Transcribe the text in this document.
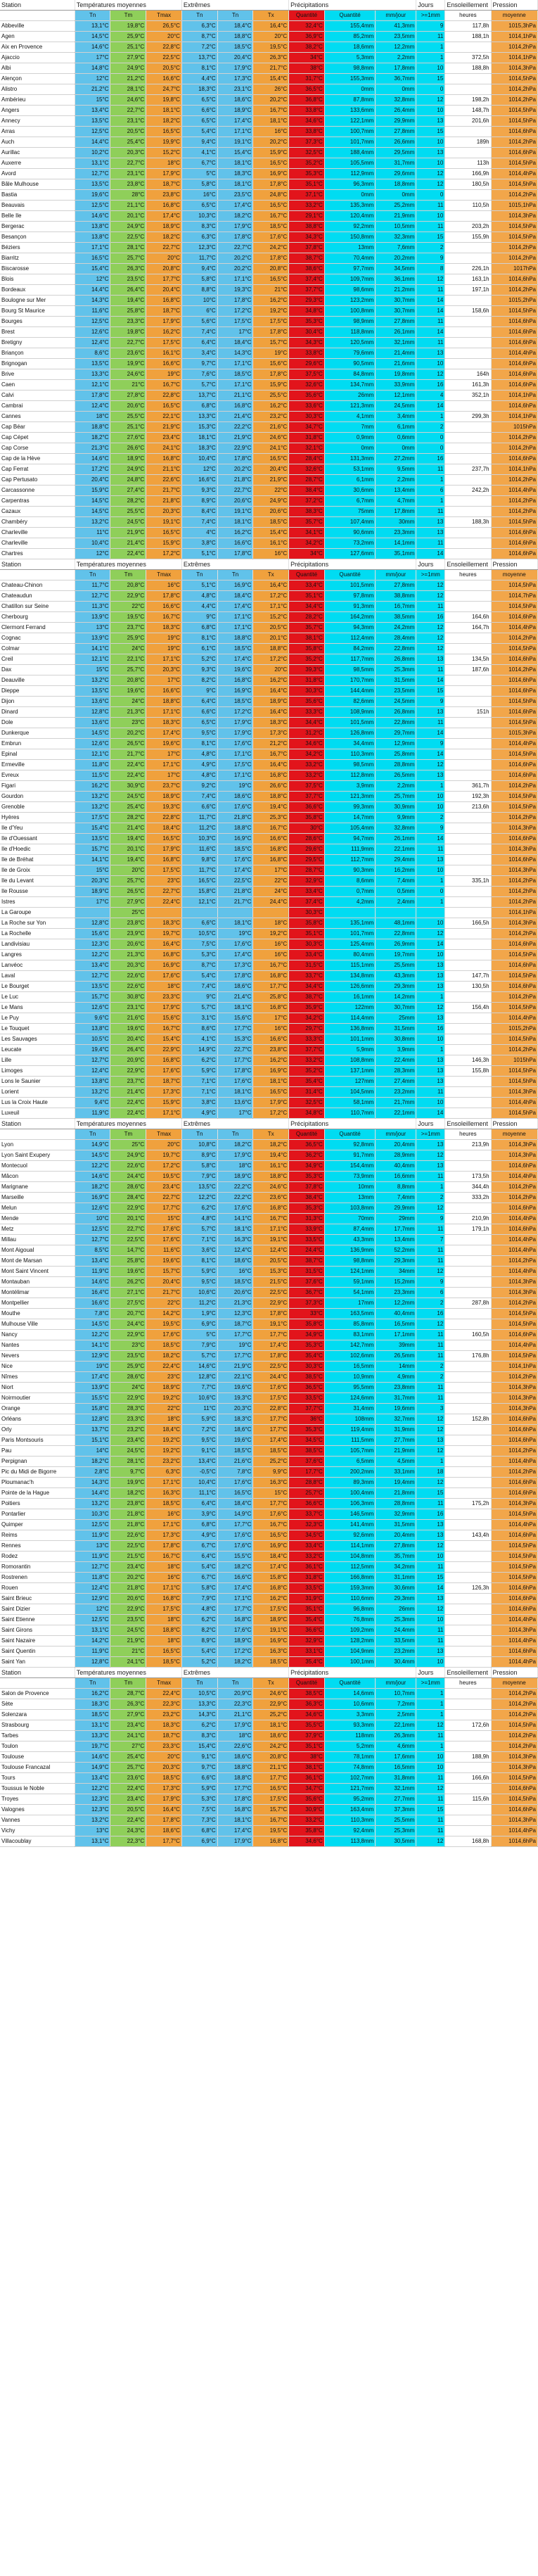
Station	Températures moyennes			Extrêmes			Précipitations			Jours	Ensoleillement	Pression
	Tn	Tm	Tmax	Tn	Tn	Tx	Quantité	Quantité	mm/jour	>=1mm	heures	moyenne
Abbeville	13,1°C	19,8°C	26,5°C	6,3°C	18,4°C	16,4°C	32,4°C	155,4mm	41,3mm	9	117,8h	1015,3hPa
Agen	14,5°C	25,9°C	20°C	8,7°C	18,8°C	20°C	36,9°C	85,2mm	23,5mm	11	188,1h	1014,1hPa
Aix en Provence	14,6°C	25,1°C	22,8°C	7,2°C	18,5°C	19,5°C	38,2°C	18,6mm	12,2mm	1		1014,2hPa
Ajaccio	17°C	27,9°C	22,5°C	13,7°C	20,4°C	26,3°C	34°C	5,3mm	2,2mm	1	372,5h	1014,1hPa
Albi	14,8°C	24,9°C	20,5°C	8,1°C	17,9°C	21,7°C	38°C	98,8mm	17,8mm	10	188,8h	1014,3hPa
Alençon	12°C	21,2°C	16,6°C	4,4°C	17,3°C	15,4°C	31,7°C	155,3mm	36,7mm	15		1014,5hPa
Alistro	21,2°C	28,1°C	24,7°C	18,3°C	23,1°C	26°C	36,5°C	0mm	0mm	0		1014,2hPa
Ambérieu	15°C	24,6°C	19,8°C	6,5°C	18,6°C	20,2°C	36,8°C	87,8mm	32,8mm	12	198,2h	1014,2hPa
Angers	13,4°C	22,7°C	18,1°C	6,6°C	18,9°C	16,7°C	33,8°C	133,6mm	26,4mm	10	148,7h	1014,5hPa
Annecy	13,5°C	23,1°C	18,2°C	6,5°C	17,4°C	18,1°C	34,6°C	122,1mm	29,9mm	13	201,6h	1014,5hPa
Arras	12,5°C	20,5°C	16,5°C	5,4°C	17,1°C	16°C	33,8°C	100,7mm	27,8mm	15		1014,6hPa
Auch	14,4°C	25,4°C	19,9°C	9,4°C	19,1°C	20,2°C	37,3°C	101,7mm	26,6mm	10	189h	1014,2hPa
Aurillac	10,2°C	20,3°C	15,2°C	4,1°C	15,4°C	15,9°C	32,5°C	188,4mm	29,5mm	13		1014,6hPa
Auxerre	13,1°C	22,7°C	18°C	6,7°C	18,1°C	16,5°C	35,2°C	105,5mm	31,7mm	10	113h	1014,5hPa
Avord	12,7°C	23,1°C	17,9°C	5°C	18,3°C	16,9°C	35,3°C	112,9mm	29,6mm	12	166,9h	1014,4hPa
Bâle Mulhouse	13,5°C	23,8°C	18,7°C	5,8°C	18,1°C	17,8°C	35,1°C	96,3mm	18,8mm	12	180,5h	1014,5hPa
Bastia	19,6°C	28°C	23,8°C	16°C	23,5°C	24,8°C	37,1°C	0mm	0mm	0		1014,2hPa
Beauvais	12,5°C	21,1°C	16,8°C	6,5°C	17,4°C	16,5°C	33,2°C	135,3mm	25,2mm	11	110,5h	1015,1hPa
Belle Ile	14,6°C	20,1°C	17,4°C	10,3°C	18,2°C	16,7°C	29,1°C	120,4mm	21,9mm	10		1014,3hPa
Bergerac	13,8°C	24,9°C	18,9°C	8,3°C	17,9°C	18,5°C	38,8°C	92,2mm	10,5mm	11	203,2h	1014,5hPa
Besançon	13,8°C	22,5°C	18,2°C	6,3°C	17,8°C	17,6°C	34,3°C	150,8mm	32,3mm	15	155,9h	1014,5hPa
Béziers	17,1°C	28,1°C	22,7°C	12,3°C	22,7°C	24,2°C	37,8°C	13mm	7,6mm	2		1014,2hPa
Biarritz	16,5°C	25,7°C	20°C	11,7°C	20,2°C	17,8°C	38,7°C	70,4mm	20,2mm	9		1014,2hPa
Biscarosse	15,4°C	26,3°C	20,8°C	9,4°C	20,2°C	20,8°C	38,6°C	97,7mm	34,5mm	8	226,1h	1017hPa
Blois	12°C	23,5°C	17,7°C	5,8°C	17,1°C	16,5°C	37,4°C	109,7mm	36,1mm	12	163,1h	1014,6hPa
Bordeaux	14,4°C	26,4°C	20,4°C	8,8°C	19,3°C	21°C	37,7°C	98,6mm	21,2mm	11	197,1h	1014,2hPa
Boulogne sur Mer	14,3°C	19,4°C	16,8°C	10°C	17,8°C	16,2°C	29,3°C	123,2mm	30,7mm	14		1015,2hPa
Bourg St Maurice	11,6°C	25,8°C	18,7°C	6°C	17,2°C	19,2°C	34,8°C	100,8mm	30,7mm	14	158,6h	1014,5hPa
Bourges	12,5°C	23,3°C	17,9°C	5,6°C	17,5°C	17,5°C	35,3°C	98,9mm	27,8mm	11		1014,6hPa
Brest	12,6°C	19,8°C	16,2°C	7,4°C	17°C	17,8°C	30,4°C	118,8mm	26,1mm	14		1014,6hPa
Bretigny	12,4°C	22,7°C	17,5°C	6,4°C	18,4°C	15,7°C	34,3°C	120,5mm	32,1mm	11		1014,6hPa
Briançon	8,6°C	23,6°C	16,1°C	3,4°C	14,3°C	19°C	33,8°C	79,6mm	21,4mm	13		1014,4hPa
Brignogan	13,5°C	19,9°C	16,6°C	9,7°C	17,1°C	15,6°C	29,6°C	90,5mm	21,6mm	10		1014,6hPa
Brive	13,3°C	24,6°C	19°C	7,6°C	18,5°C	17,8°C	37,5°C	84,8mm	19,8mm	12	164h	1014,6hPa
Caen	12,1°C	21°C	16,7°C	5,7°C	17,1°C	15,9°C	32,6°C	134,7mm	33,9mm	16	161,3h	1014,6hPa
Calvi	17,8°C	27,8°C	22,8°C	13,7°C	21,1°C	25,5°C	35,6°C	26mm	12,1mm	4	352,1h	1014,1hPa
Cambrai	12,4°C	20,6°C	16,5°C	6,8°C	16,8°C	16,2°C	33,6°C	121,3mm	24,5mm	14		1014,6hPa
Cannes	18°C	25,5°C	22,1°C	13,3°C	21,4°C	23,2°C	30,3°C	4,1mm	3,4mm	1	299,3h	1014,1hPa
Cap Béar	18,8°C	25,1°C	21,9°C	15,3°C	22,2°C	21,6°C	34,7°C	7mm	6,1mm	2		1015hPa
Cap Cépet	18,2°C	27,6°C	23,4°C	18,1°C	21,9°C	24,6°C	31,8°C	0,9mm	0,6mm	0		1014,2hPa
Cap Corse	21,3°C	26,6°C	24,1°C	18,3°C	22,9°C	24,1°C	32,1°C	0mm	0mm	0		1014,2hPa
Cap de la Hève	14,6°C	18,9°C	16,8°C	10,4°C	17,8°C	16,5°C	28,4°C	131,3mm	27,2mm	16		1014,6hPa
Cap Ferrat	17,2°C	24,9°C	21,1°C	12°C	20,2°C	20,4°C	32,6°C	53,1mm	9,5mm	11	237,7h	1014,1hPa
Cap Pertusato	20,4°C	24,8°C	22,6°C	16,6°C	21,8°C	21,9°C	28,7°C	6,1mm	2,2mm	1		1014,2hPa
Carcassonne	15,9°C	27,4°C	21,7°C	9,3°C	22,7°C	22°C	38,4°C	30,6mm	13,4mm	6	242,2h	1014,4hPa
Carpentras	14,5°C	28,2°C	21,8°C	8,9°C	20,6°C	24,9°C	37,2°C	6,7mm	4,7mm	1		1014,2hPa
Cazaux	14,5°C	25,5°C	20,3°C	8,4°C	19,1°C	20,6°C	38,3°C	75mm	17,8mm	11		1014,2hPa
Chambéry	13,2°C	24,5°C	19,1°C	7,4°C	18,1°C	18,5°C	35,7°C	107,4mm	30mm	13	188,3h	1014,5hPa
Charleville	11°C	21,9°C	16,5°C	4°C	16,2°C	15,4°C	34,1°C	90,6mm	23,3mm	13		1014,6hPa
Charleville	10,4°C	21,4°C	15,9°C	3,8°C	16,6°C	16,1°C	34,2°C	73,2mm	14,1mm	11		1014,6hPa
Chartres	12°C	22,4°C	17,2°C	5,1°C	17,8°C	16°C	34°C	127,6mm	35,1mm	14		1014,6hPa
Station	Températures moyennes			Extrêmes			Précipitations			Jours	Ensoleillement	Pression
	Tn	Tm	Tmax	Tn	Tn	Tx	Quantité	Quantité	mm/jour	>=1mm	heures	moyenne
Chateau-Chinon	11,7°C	20,8°C	16°C	5,1°C	16,9°C	16,4°C	33,4°C	101,5mm	27,8mm	12		1014,5hPa
Chateaudun	12,7°C	22,9°C	17,8°C	4,8°C	18,4°C	17,2°C	35,1°C	97,8mm	38,8mm	12		1014,7hPa
Chatillon sur Seine	11,3°C	22°C	16,6°C	4,4°C	17,4°C	17,1°C	34,4°C	91,3mm	16,7mm	11		1014,5hPa
Cherbourg	13,9°C	19,5°C	16,7°C	9°C	17,1°C	15,2°C	28,2°C	164,2mm	38,5mm	16	164,6h	1014,6hPa
Clermont Ferrand	13°C	23,7°C	18,3°C	6,8°C	17,1°C	20,5°C	35,7°C	94,3mm	24,2mm	12	164,7h	1014,4hPa
Cognac	13,9°C	25,9°C	19°C	8,1°C	18,8°C	20,1°C	38,1°C	112,4mm	28,4mm	12		1014,2hPa
Colmar	14,1°C	24°C	19°C	6,1°C	18,5°C	18,8°C	35,8°C	84,2mm	22,8mm	12		1014,5hPa
Creil	12,1°C	22,1°C	17,1°C	5,2°C	17,4°C	17,2°C	35,2°C	117,7mm	26,8mm	13	134,5h	1014,6hPa
Dax	15°C	25,7°C	20,3°C	9,3°C	19,6°C	20°C	39,3°C	98,5mm	25,3mm	11	187,6h	1014,2hPa
Deauville	13,2°C	20,8°C	17°C	8,2°C	16,8°C	16,2°C	31,8°C	170,7mm	31,5mm	14		1014,6hPa
Dieppe	13,5°C	19,6°C	16,6°C	9°C	16,9°C	16,4°C	30,3°C	144,4mm	23,5mm	15		1014,6hPa
Dijon	13,6°C	24°C	18,8°C	6,4°C	18,5°C	18,9°C	35,6°C	82,6mm	24,5mm	9		1014,5hPa
Dinard	12,8°C	21,3°C	17,1°C	6,6°C	17,2°C	16,4°C	33,3°C	108,9mm	26,8mm	13	151h	1014,6hPa
Dole	13,6°C	23°C	18,3°C	6,5°C	17,9°C	18,3°C	34,4°C	101,5mm	22,8mm	11		1014,5hPa
Dunkerque	14,5°C	20,2°C	17,4°C	9,5°C	17,9°C	17,3°C	31,2°C	126,8mm	29,7mm	14		1015,3hPa
Embrun	12,6°C	26,5°C	19,6°C	8,1°C	17,6°C	21,2°C	34,6°C	34,4mm	12,9mm	9		1014,4hPa
Epinal	12,1°C	21,7°C	17°C	4,8°C	17,1°C	16,7°C	34,2°C	110,3mm	25,8mm	14		1014,5hPa
Ermeville	11,8°C	22,4°C	17,1°C	4,9°C	17,5°C	16,4°C	33,2°C	98,5mm	28,8mm	12		1014,6hPa
Evreux	11,5°C	22,4°C	17°C	4,8°C	17,1°C	16,8°C	33,2°C	112,8mm	26,5mm	13		1014,6hPa
Figari	16,2°C	30,9°C	23,7°C	9,2°C	19°C	26,6°C	37,5°C	3,9mm	2,2mm	1	361,7h	1014,2hPa
Gourdon	13,2°C	24,5°C	18,9°C	7,4°C	18,6°C	18,8°C	37,7°C	121,3mm	25,7mm	10	192,3h	1014,5hPa
Grenoble	13,2°C	25,4°C	19,3°C	6,6°C	17,6°C	19,4°C	36,6°C	99,3mm	30,9mm	10	213,6h	1014,5hPa
Hyères	17,5°C	28,2°C	22,8°C	11,7°C	21,8°C	25,3°C	35,8°C	14,7mm	9,9mm	2		1014,2hPa
Ile d'Yeu	15,4°C	21,4°C	18,4°C	11,2°C	18,8°C	16,7°C	30°C	105,4mm	32,8mm	9		1014,3hPa
Ile d'Ouessant	13,5°C	19,4°C	16,5°C	10,3°C	16,9°C	16,6°C	28,6°C	94,7mm	26,1mm	14		1014,6hPa
Ile d'Hoedic	15,7°C	20,1°C	17,9°C	11,6°C	18,5°C	16,8°C	29,6°C	111,9mm	22,1mm	11		1014,3hPa
Ile de Bréhat	14,1°C	19,4°C	16,8°C	9,8°C	17,6°C	16,8°C	29,5°C	112,7mm	29,4mm	13		1014,6hPa
Ile de Groix	15°C	20°C	17,5°C	11,7°C	17,4°C	17°C	28,7°C	90,3mm	16,2mm	10		1014,3hPa
Ile du Levant	20,3°C	25,7°C	23°C	16,5°C	22,5°C	22°C	32,9°C	8,6mm	7,4mm	1	335,1h	1014,2hPa
Ile Rousse	18,9°C	26,5°C	22,7°C	15,8°C	21,8°C	24°C	33,4°C	0,7mm	0,5mm	0		1014,2hPa
Istres	17°C	27,9°C	22,4°C	12,1°C	21,7°C	24,4°C	37,4°C	4,2mm	2,4mm	1		1014,2hPa
La Garoupe		25°C					30,3°C					1014,1hPa
La Roche sur Yon	12,8°C	23,8°C	18,3°C	6,6°C	18,1°C	18°C	35,8°C	135,1mm	48,1mm	10	166,5h	1014,3hPa
La Rochelle	15,6°C	23,9°C	19,7°C	10,5°C	19°C	19,2°C	35,1°C	101,7mm	22,8mm	12		1014,2hPa
Landivisiau	12,3°C	20,6°C	16,4°C	7,5°C	17,6°C	16°C	30,3°C	125,4mm	26,9mm	14		1014,6hPa
Langres	12,2°C	21,3°C	16,8°C	5,3°C	17,4°C	16°C	33,4°C	80,4mm	19,7mm	10		1014,5hPa
Lanvéoc	13,4°C	20,3°C	16,9°C	8,7°C	17,3°C	16,7°C	31,5°C	115,1mm	25,5mm	13		1014,6hPa
Laval	12,7°C	22,6°C	17,6°C	5,4°C	17,8°C	16,8°C	33,7°C	134,8mm	43,3mm	13	147,7h	1014,5hPa
Le Bourget	13,5°C	22,6°C	18°C	7,4°C	18,6°C	17,7°C	34,4°C	126,6mm	29,3mm	13	130,5h	1014,6hPa
Le Luc	15,7°C	30,8°C	23,3°C	9°C	21,4°C	25,8°C	38,7°C	16,1mm	14,2mm	1		1014,2hPa
Le Mans	12,6°C	23,1°C	17,9°C	5,7°C	18,1°C	16,8°C	35,9°C	122mm	30,7mm	12	156,4h	1014,5hPa
Le Puy	9,6°C	21,6°C	15,6°C	3,1°C	15,6°C	17°C	34,2°C	114,4mm	25mm	13		1014,4hPa
Le Touquet	13,8°C	19,6°C	16,7°C	8,6°C	17,7°C	16°C	29,7°C	136,8mm	31,5mm	16		1015,2hPa
Les Sauvages	10,5°C	20,4°C	15,4°C	4,1°C	15,3°C	16,6°C	33,3°C	101,1mm	30,8mm	10		1014,5hPa
Leucate	19,4°C	26,4°C	22,9°C	14,9°C	22,7°C	23,8°C	37,7°C	5,9mm	3,9mm	1		1014,2hPa
Lille	12,7°C	20,9°C	16,8°C	6,2°C	17,7°C	16,2°C	33,2°C	108,8mm	22,4mm	13	146,3h	1015hPa
Limoges	12,4°C	22,9°C	17,6°C	5,9°C	17,8°C	16,9°C	35,2°C	137,1mm	28,3mm	13	155,8h	1014,5hPa
Lons le Saunier	13,8°C	23,7°C	18,7°C	7,1°C	17,6°C	18,1°C	35,4°C	127mm	27,4mm	13		1014,5hPa
Lorient	13,2°C	21,4°C	17,3°C	7,1°C	18,1°C	16,5°C	31,4°C	104,5mm	23,2mm	11		1014,3hPa
Lus la Croix Haute	9,4°C	22,4°C	15,9°C	3,8°C	13,6°C	17,9°C	32,5°C	58,1mm	21,7mm	10		1014,4hPa
Luxeuil	11,9°C	22,4°C	17,1°C	4,9°C	17°C	17,2°C	34,8°C	110,7mm	22,1mm	14		1014,5hPa
Station	Températures moyennes			Extrêmes			Précipitations			Jours	Ensoleillement	Pression
	Tn	Tm	Tmax	Tn	Tn	Tx	Quantité	Quantité	mm/jour	>=1mm	heures	moyenne
Lyon	14,9°C	25°C	20°C	10,8°C	18,2°C	18,2°C	36,5°C	92,8mm	20,4mm	13	213,9h	1014,3hPa
Lyon Saint Exupery	14,5°C	24,9°C	19,7°C	8,9°C	17,9°C	19,4°C	36,2°C	91,7mm	28,9mm	12		1014,3hPa
Montecuol	12,2°C	22,6°C	17,2°C	5,8°C	18°C	16,1°C	34,9°C	154,4mm	40,4mm	13		1014,6hPa
Mâcon	14,6°C	24,4°C	19,5°C	7,9°C	18,9°C	18,8°C	35,3°C	73,9mm	16,6mm	11	173,5h	1014,4hPa
Marignane	18,2°C	28,6°C	23,4°C	13,5°C	22,2°C	24,6°C	37,8°C	10mm	8,8mm	1	344,4h	1014,2hPa
Marseille	16,9°C	28,4°C	22,7°C	12,2°C	22,2°C	23,6°C	38,4°C	13mm	7,4mm	2	333,2h	1014,2hPa
Melun	12,6°C	22,9°C	17,7°C	6,2°C	17,6°C	16,8°C	35,3°C	103,8mm	29,9mm	12		1014,6hPa
Mende	10°C	20,1°C	15°C	4,8°C	14,1°C	16,7°C	31,3°C	70mm	29mm	9	210,9h	1014,4hPa
Metz	12,5°C	22,7°C	17,6°C	5,7°C	18,1°C	17,1°C	33,9°C	87,4mm	17,7mm	11	179,1h	1014,6hPa
Millau	12,7°C	22,5°C	17,6°C	7,1°C	16,3°C	19,1°C	33,5°C	43,3mm	13,4mm	7		1014,4hPa
Mont Aigoual	8,5°C	14,7°C	11,6°C	3,6°C	12,4°C	12,4°C	24,4°C	136,9mm	52,2mm	11		1014,4hPa
Mont de Marsan	13,4°C	25,8°C	19,6°C	8,1°C	18,6°C	20,5°C	38,7°C	98,8mm	29,3mm	11		1014,2hPa
Mont Saint Vincent	11,9°C	19,6°C	15,7°C	5,9°C	16°C	15,3°C	31,5°C	124,1mm	34mm	12		1014,4hPa
Montauban	14,6°C	26,2°C	20,4°C	9,5°C	18,5°C	21,5°C	37,6°C	59,1mm	15,2mm	9		1014,3hPa
Montélimar	16,4°C	27,1°C	21,7°C	10,6°C	20,6°C	22,5°C	36,7°C	54,1mm	23,3mm	6		1014,3hPa
Montpellier	16,6°C	27,5°C	22°C	11,2°C	21,3°C	22,9°C	37,3°C	17mm	12,2mm	2	287,8h	1014,2hPa
Mouthe	7,8°C	20,7°C	14,2°C	1,9°C	12,3°C	17,8°C	33°C	163,5mm	40,4mm	16		1014,5hPa
Mulhouse Ville	14,5°C	24,4°C	19,5°C	6,9°C	18,7°C	19,1°C	35,8°C	85,8mm	16,5mm	12		1014,5hPa
Nancy	12,2°C	22,9°C	17,6°C	5°C	17,7°C	17,7°C	34,9°C	83,1mm	17,1mm	11	160,5h	1014,6hPa
Nantes	14,1°C	23°C	18,5°C	7,9°C	19°C	17,4°C	35,3°C	142,7mm	39mm	11		1014,4hPa
Nevers	12,9°C	23,5°C	18,2°C	5,7°C	17,7°C	17,8°C	35,4°C	102,6mm	26,5mm	11	176,8h	1014,5hPa
Nice	19°C	25,9°C	22,4°C	14,6°C	21,9°C	22,5°C	30,3°C	16,5mm	14mm	2		1014,1hPa
Nîmes	17,4°C	28,6°C	23°C	12,8°C	22,1°C	24,4°C	38,5°C	10,9mm	4,9mm	2		1014,2hPa
Niort	13,9°C	24°C	18,9°C	7,7°C	19,6°C	17,6°C	36,5°C	95,5mm	23,8mm	11		1014,3hPa
Noirmoutier	15,5°C	22,9°C	19,2°C	10,6°C	19,3°C	17,5°C	33,5°C	124,6mm	31,7mm	11		1014,3hPa
Orange	15,8°C	28,3°C	22°C	11°C	20,3°C	22,8°C	37,7°C	31,4mm	19,6mm	3		1014,3hPa
Orléans	12,8°C	23,3°C	18°C	5,9°C	18,3°C	17,7°C	36°C	108mm	32,7mm	12	152,8h	1014,6hPa
Orly	13,7°C	23,2°C	18,4°C	7,2°C	18,6°C	17,7°C	35,3°C	119,4mm	31,9mm	12		1014,6hPa
Paris Montsouris	15,1°C	23,4°C	19,2°C	9,5°C	19,6°C	17,4°C	34,5°C	111,5mm	27,7mm	13		1014,6hPa
Pau	14°C	24,5°C	19,2°C	9,1°C	18,5°C	18,5°C	38,5°C	105,7mm	21,9mm	12		1014,2hPa
Perpignan	18,2°C	28,1°C	23,2°C	13,4°C	21,6°C	25,2°C	37,6°C	6,5mm	4,5mm	1		1014,4hPa
Pic du Midi de Bigorre	2,8°C	9,7°C	6,3°C	-0,5°C	7,8°C	9,9°C	17,7°C	200,2mm	33,1mm	18		1014,2hPa
Ploumanac'h	14,3°C	19,9°C	17,1°C	10,4°C	17,6°C	16,3°C	28,8°C	89,3mm	19,4mm	12		1014,6hPa
Pointe de la Hague	14,4°C	18,2°C	16,3°C	11,1°C	16,5°C	15°C	25,7°C	100,4mm	21,8mm	15		1014,6hPa
Poitiers	13,2°C	23,8°C	18,5°C	6,4°C	18,4°C	17,7°C	36,6°C	106,3mm	28,8mm	11	175,2h	1014,3hPa
Pontarlier	10,3°C	21,8°C	16°C	3,9°C	14,9°C	17,6°C	33,7°C	146,5mm	32,9mm	16		1014,5hPa
Quimper	12,5°C	21,8°C	17,1°C	6,8°C	17,7°C	16,7°C	32,3°C	141,4mm	31,5mm	13		1014,4hPa
Reims	11,9°C	22,6°C	17,3°C	4,9°C	17,6°C	16,5°C	34,5°C	92,6mm	20,4mm	13	143,4h	1014,6hPa
Rennes	13°C	22,5°C	17,8°C	6,7°C	17,6°C	16,9°C	33,4°C	114,1mm	27,8mm	12		1014,5hPa
Rodez	11,9°C	21,5°C	16,7°C	6,4°C	15,5°C	18,4°C	33,2°C	104,8mm	35,7mm	10		1014,5hPa
Romorantin	12,7°C	23,4°C	18°C	5,4°C	18,2°C	17,4°C	36,1°C	112,5mm	34,2mm	11		1014,5hPa
Rostrenen	11,8°C	20,2°C	16°C	6,7°C	16,6°C	15,8°C	31,8°C	166,8mm	31,1mm	15		1014,5hPa
Rouen	12,4°C	21,8°C	17,1°C	5,8°C	17,4°C	16,8°C	33,5°C	159,3mm	30,6mm	14	126,3h	1014,6hPa
Saint Brieuc	12,9°C	20,6°C	16,8°C	7,9°C	17,1°C	16,2°C	31,9°C	110,6mm	29,3mm	13		1014,6hPa
Saint Dizier	12°C	22,9°C	17,5°C	4,8°C	17,7°C	17,5°C	35,1°C	96,8mm	26mm	12		1014,6hPa
Saint Etienne	12,5°C	23,5°C	18°C	6,2°C	16,8°C	18,9°C	35,4°C	76,8mm	25,3mm	10		1014,4hPa
Saint Girons	13,1°C	24,5°C	18,8°C	8,2°C	17,6°C	19,1°C	36,6°C	109,2mm	24,4mm	11		1014,3hPa
Saint Nazaire	14,2°C	21,9°C	18°C	8,9°C	18,9°C	16,9°C	32,9°C	128,2mm	33,5mm	11		1014,4hPa
Saint Quentin	11,9°C	21°C	16,5°C	5,4°C	17,2°C	16,3°C	33,1°C	104,9mm	23,2mm	13		1014,6hPa
Saint Yan	12,8°C	24,1°C	18,5°C	5,2°C	18,2°C	18,5°C	35,4°C	100,1mm	30,4mm	10		1014,4hPa
Station	Températures moyennes			Extrêmes			Précipitations			Jours	Ensoleillement	Pression
	Tn	Tm	Tmax	Tn	Tn	Tx	Quantité	Quantité	mm/jour	>=1mm	heures	moyenne
Salon de Provence	16,2°C	28,7°C	22,4°C	10,5°C	20,9°C	24,6°C	38,5°C	14,6mm	10,7mm	1		1014,2hPa
Sète	18,3°C	26,3°C	22,3°C	13,3°C	22,3°C	22,9°C	36,3°C	10,6mm	7,2mm	1		1014,2hPa
Solenzara	18,5°C	27,9°C	23,2°C	14,3°C	21,1°C	25,2°C	34,6°C	3,3mm	2,5mm	1		1014,2hPa
Strasbourg	13,1°C	23,4°C	18,3°C	6,2°C	17,9°C	18,1°C	35,5°C	93,3mm	22,1mm	12	172,6h	1014,5hPa
Tarbes	13,3°C	24,1°C	18,7°C	8,3°C	18°C	18,6°C	37,9°C	118mm	26,3mm	11		1014,2hPa
Toulon	19,7°C	27°C	23,3°C	15,4°C	22,6°C	24,2°C	35,1°C	5,2mm	4,6mm	1		1014,2hPa
Toulouse	14,6°C	25,4°C	20°C	9,1°C	18,6°C	20,8°C	38°C	78,1mm	17,6mm	10	188,9h	1014,3hPa
Toulouse Francazal	14,9°C	25,7°C	20,3°C	9,7°C	18,8°C	21,1°C	38,1°C	74,8mm	16,5mm	10		1014,3hPa
Tours	13,4°C	23,6°C	18,5°C	6,6°C	18,8°C	17,7°C	36,1°C	102,7mm	31,8mm	11	166,6h	1014,5hPa
Toussus le Noble	12,2°C	22,4°C	17,3°C	5,9°C	17,7°C	16,5°C	34,7°C	121,7mm	32,1mm	12		1014,6hPa
Troyes	12,3°C	23,4°C	17,9°C	5,3°C	17,8°C	17,5°C	35,6°C	95,2mm	27,7mm	11	115,6h	1014,5hPa
Valognes	12,3°C	20,5°C	16,4°C	7,5°C	16,8°C	15,7°C	30,9°C	163,4mm	37,3mm	15		1014,6hPa
Vannes	13,2°C	22,4°C	17,8°C	7,3°C	18,1°C	16,7°C	33,2°C	110,3mm	25,5mm	11		1014,3hPa
Vichy	13°C	24,3°C	18,6°C	6,8°C	17,4°C	19,5°C	35,8°C	92,4mm	25,3mm	11		1014,4hPa
Villacoublay	13,1°C	22,3°C	17,7°C	6,9°C	17,9°C	16,8°C	34,6°C	113,8mm	30,5mm	12	168,8h	1014,6hPa
